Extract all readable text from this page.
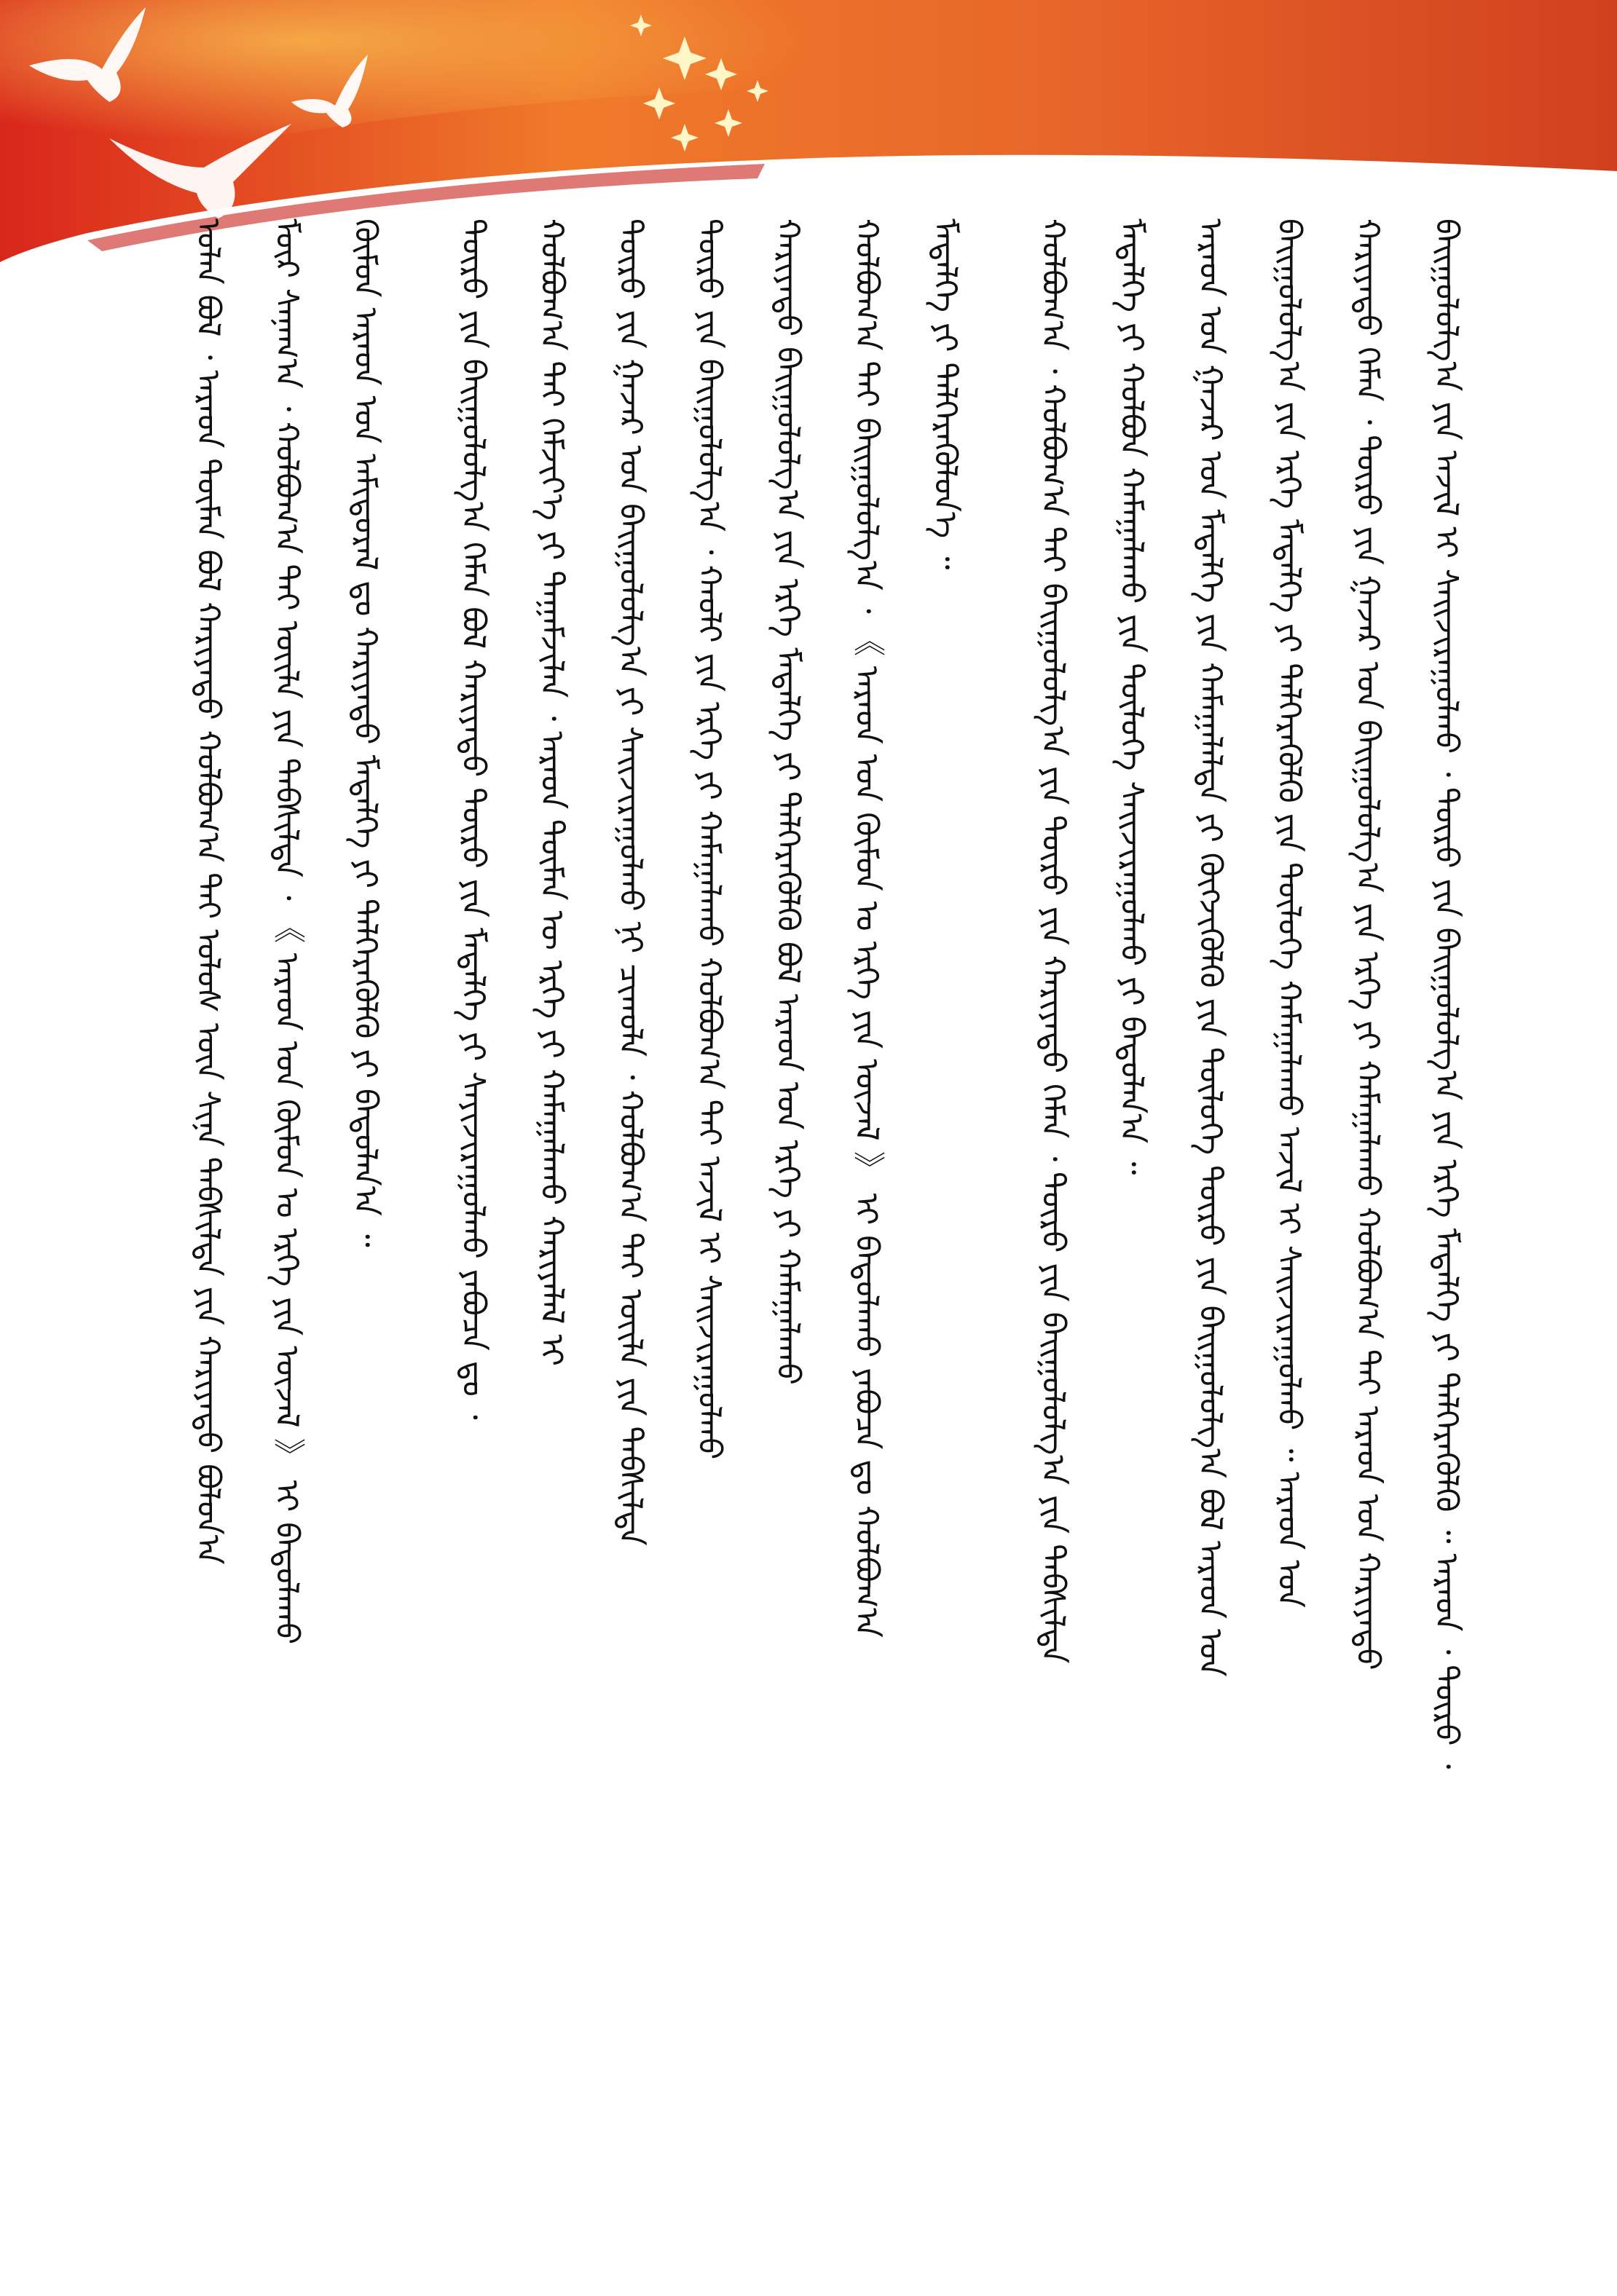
ᠣᠯᠠᠨ ᠪᠣᠯ ᠂ ᠠᠷᠠᠳ ᠲᠥᠮᠡᠨ ᠪᠣᠯ ᠬᠠᠷᠢᠶᠠᠲᠤ ᠬᠣᠯᠪᠣᠭ᠎ᠠ ᠲᠡᠢ ᠤᠯᠤᠰ ᠦᠨ ᠰᠢᠨᠡ ᠳᠡᠪᠰᠢᠯᠲᠡ ᠶᠢᠨ ᠬᠠᠷᠢᠶᠠᠲᠤ ᠪᠣᠯᠤᠨ᠎ᠠ ᠮᠥᠷ ᠰᠠᠨᠠᠭ᠎ᠠ ᠂ ᠬᠣᠯᠪᠣᠭ᠎ᠠ ᠲᠡᠢ ᠦᠢᠯᠡ ᠶᠢᠨ ᠳᠡᠪᠰᠢᠯᠲᠡ ᠂ 《 ᠠᠷᠠᠳ ᠤᠨ ᠬᠥᠮᠦᠨ ᠤ ᠡᠷᠬᠡ ᠶᠢᠨ ᠦᠵᠡᠯ 》 ᠢ ᠪᠠᠲᠤᠯᠠᠬᠤ ᠬᠥᠮᠦᠨ ᠠᠷᠠᠳ ᠤᠨ ᠠᠮᠢᠳᠤᠷᠠᠯ ᠳᠤ ᠬᠠᠷᠢᠶᠠᠲᠤ ᠮᠡᠳᠡᠯᠭᠡ ᠶᠢ ᠳᠡᠯᠭᠡᠷᠡᠭᠦᠯᠬᠦ ᠶᠢ ᠪᠠᠲᠤᠯᠠᠨ᠎ᠠ ᠃ ᠲᠥᠷᠥ ᠶᠢᠨ ᠪᠠᠢᠭᠤᠯᠤᠯᠭ᠎ᠠ ᠬᠡᠮᠡᠨ ᠪᠣᠯ ᠬᠠᠷᠢᠶᠠᠲᠤ ᠲᠥᠷᠥ ᠶᠢᠨ ᠮᠡᠳᠡᠯᠭᠡ ᠶᠢ ᠰᠠᠶᠢᠵᠢᠷᠠᠭᠤᠯᠬᠤ ᠶᠠᠪᠤᠴᠠ ᠳᠤ ᠂ ᠬᠣᠯᠪᠣᠭ᠎ᠠ ᠲᠡᠢ ᠬᠡᠮᠵᠢᠶ᠎ᠡ ᠶᠢ ᠲᠠᠭᠠᠮᠵᠢᠯᠠᠨ ᠂ ᠠᠷᠠᠳ ᠲᠥᠮᠡᠨ ᠦ ᠡᠷᠬᠡ ᠶᠢ ᠬᠠᠮᠠᠭᠠᠯᠠᠬᠤ ᠬᠠᠷᠢᠶᠠᠯᠠᠯ ᠢ ᠲᠥᠷᠥ ᠶᠢᠨ ᠭᠠᠵᠠᠷ ᠤᠨ ᠪᠠᠢᠭᠤᠯᠤᠯᠭ᠎ᠠ ᠶᠢ ᠰᠠᠢᠵᠢᠷᠠᠭᠤᠯᠬᠤ ᠨᠢ ᠴᠢᠬᠤᠯᠠ ᠂ ᠬᠣᠯᠪᠣᠭ᠎ᠠ ᠲᠡᠢ ᠦᠢᠯᠡ ᠶᠢᠨ ᠳᠡᠪᠰᠢᠯᠲᠡ ᠲᠥᠷᠥ ᠶᠢᠨ ᠪᠠᠢᠭᠤᠯᠤᠯᠭ᠎ᠠ ᠂ ᠬᠠᠤᠯᠢ ᠶᠢᠨ ᠡᠷᠬᠡ ᠶᠢ ᠬᠠᠮᠠᠭᠠᠯᠠᠬᠤ ᠬᠣᠯᠪᠣᠭ᠎ᠠ ᠲᠡᠢ ᠠᠵᠢᠯ ᠢ ᠰᠠᠢᠵᠢᠷᠠᠭᠤᠯᠬᠤ ᠬᠠᠷᠢᠶᠠᠲᠤ ᠪᠠᠢᠭᠤᠯᠤᠯᠭ᠎ᠠ ᠶᠢᠨ ᠡᠷᠬᠡ ᠮᠡᠳᠡᠯᠭᠡ ᠶᠢ ᠳᠡᠯᠭᠡᠷᠡᠭᠦᠯᠬᠦ ᠪᠣᠯ ᠠᠷᠠᠳ ᠤᠨ ᠡᠷᠬᠡ ᠶᠢ ᠬᠠᠮᠠᠭᠠᠯᠠᠬᠤ ᠬᠣᠯᠪᠣᠭ᠎ᠠ ᠲᠡᠢ ᠪᠠᠢᠭᠤᠯᠤᠯᠭ᠎ᠠ ᠂ 《 ᠠᠷᠠᠳ ᠤᠨ ᠬᠥᠮᠦᠨ ᠤ ᠡᠷᠬᠡ ᠶᠢᠨ ᠦᠵᠡᠯ 》 ᠢ ᠪᠠᠲᠤᠯᠠᠬᠤ ᠶᠠᠪᠤᠴᠠ ᠳᠤ ᠬᠣᠯᠪᠣᠭ᠎ᠠ ᠮᠡᠳᠡᠯᠭᠡ ᠶᠢ ᠳᠡᠯᠭᠡᠷᠡᠭᠦᠯᠦᠨ᠎ᠡ ᠃ ᠬᠣᠯᠪᠣᠭ᠎ᠠ ᠂ ᠬᠣᠯᠪᠣᠭ᠎ᠠ ᠲᠡᠢ ᠪᠠᠢᠭᠤᠯᠤᠯᠭ᠎ᠠ ᠶᠢᠨ ᠲᠥᠷᠥ ᠶᠢᠨ ᠬᠠᠷᠢᠶᠠᠲᠤ ᠬᠡᠮᠡᠨ ᠂ ᠲᠥᠷᠥ ᠶᠢᠨ ᠪᠠᠢᠭᠤᠯᠤᠯᠭ᠎ᠠ ᠶᠢᠨ ᠳᠡᠪᠰᠢᠯᠲᠡ ᠮᠡᠳᠡᠯᠭᠡ ᠶᠢ ᠬᠣᠯᠪᠣᠨ ᠬᠠᠮᠠᠭᠠᠯᠠᠬᠤ ᠶᠢᠨ ᠲᠥᠯᠥᠭᠡ ᠰᠠᠢᠵᠢᠷᠠᠭᠤᠯᠬᠤ ᠶᠢ ᠪᠠᠲᠤᠯᠠᠨ᠎ᠠ ᠃ ᠠᠷᠠᠳ ᠤᠨ ᠭᠠᠵᠠᠷ ᠤᠨ ᠮᠡᠳᠡᠯᠭᠡ ᠶᠢᠨ ᠬᠠᠮᠠᠭᠠᠯᠠᠯᠲᠠ ᠶᠢ ᠬᠥᠭᠵᠢᠭᠦᠯᠬᠦ ᠶᠢᠨ ᠲᠥᠯᠥᠭᠡ ᠲᠥᠷᠥ ᠶᠢᠨ ᠪᠠᠢᠭᠤᠯᠤᠯᠭ᠎ᠠ ᠪᠣᠯ ᠠᠷᠠᠳ ᠤᠨ ᠪᠠᠢᠭᠤᠯᠤᠯᠭ᠎ᠠ ᠶᠢᠨ ᠡᠷᠬᠡ ᠮᠡᠳᠡᠯᠭᠡ ᠶᠢ ᠳᠡᠯᠭᠡᠷᠡᠭᠦᠯᠬᠦ ᠶᠢᠨ ᠲᠥᠯᠥᠭᠡ ᠬᠠᠮᠠᠭᠠᠯᠠᠬᠤ ᠠᠵᠢᠯ ᠢ ᠰᠠᠢᠵᠢᠷᠠᠭᠤᠯᠬᠤ ᠃ ᠠᠷᠠᠳ ᠤᠨ ᠬᠠᠷᠢᠶᠠᠲᠤ ᠬᠡᠮᠡᠨ ᠂ ᠲᠥᠷᠥ ᠶᠢᠨ ᠭᠠᠵᠠᠷ ᠤᠨ ᠪᠠᠢᠭᠤᠯᠤᠯᠭ᠎ᠠ ᠶᠢᠨ ᠡᠷᠬᠡ ᠶᠢ ᠬᠠᠮᠠᠭᠠᠯᠠᠬᠤ ᠬᠣᠯᠪᠣᠭ᠎ᠠ ᠲᠡᠢ ᠠᠷᠠᠳ ᠤᠨ ᠬᠠᠷᠢᠶᠠᠲᠤ ᠪᠠᠢᠭᠤᠯᠤᠯᠭ᠎ᠠ ᠶᠢᠨ ᠠᠵᠢᠯ ᠢ ᠰᠠᠢᠵᠢᠷᠠᠭᠤᠯᠬᠤ ᠂ ᠲᠥᠷᠥ ᠶᠢᠨ ᠪᠠᠢᠭᠤᠯᠤᠯᠭ᠎ᠠ ᠶᠢᠨ ᠡᠷᠬᠡ ᠮᠡᠳᠡᠯᠭᠡ ᠶᠢ ᠳᠡᠯᠭᠡᠷᠡᠭᠦᠯᠬᠦ ᠃ ᠠᠷᠠᠳ ᠂ ᠲᠥᠷᠥ ᠂
